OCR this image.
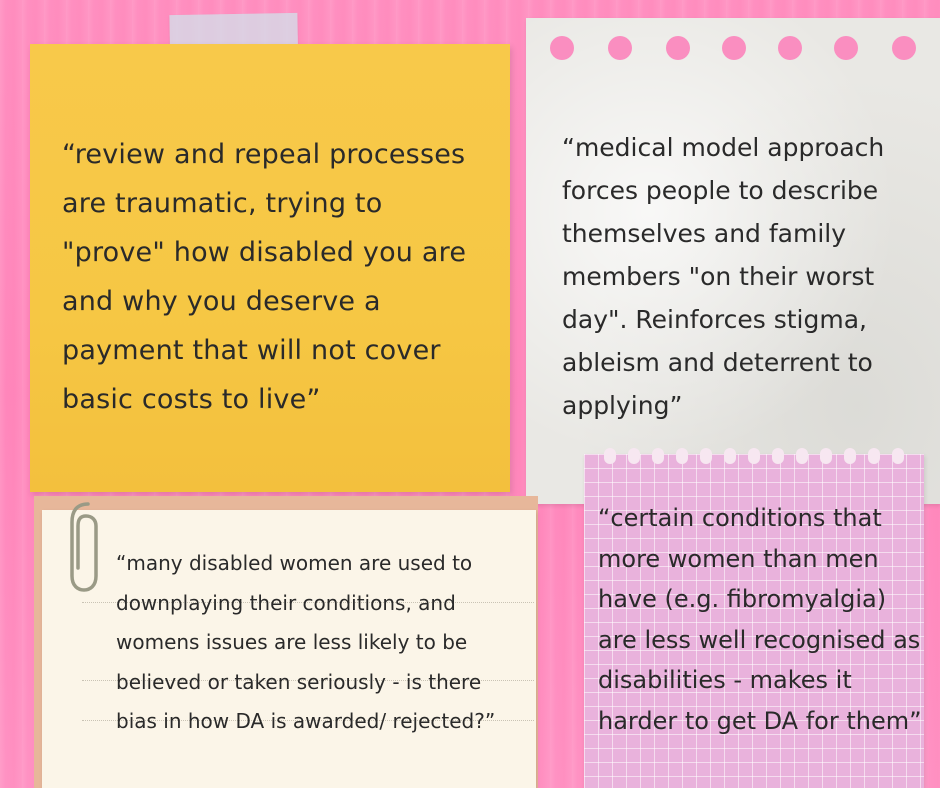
“review and repeal processes are traumatic, trying to "prove" how disabled you are and why you deserve a payment that will not cover basic costs to live”
“medical model approach forces people to describe themselves and family members "on their worst day". Reinforces stigma, ableism and deterrent to applying”
“many disabled women are used to downplaying their conditions, and womens issues are less likely to be believed or taken seriously - is there bias in how DA is awarded/ rejected?”
“certain conditions that more women than men have (e.g. fibromyalgia) are less well recognised as disabilities - makes it harder to get DA for them”
